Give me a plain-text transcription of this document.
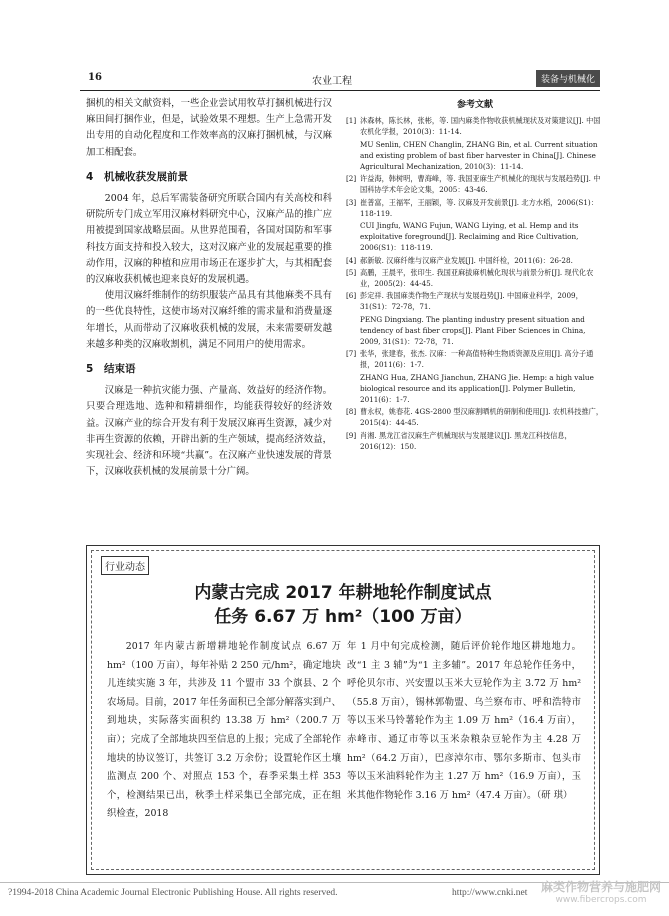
16	农业工程	装备与机械化

捆机的相关文献资料，一些企业尝试用牧草打捆机械进行汉麻田间打捆作业，但是，试验效果不理想。生产上急需开发出专用的自动化程度和工作效率高的汉麻打捆机械，与汉麻加工相配套。

4 机械收获发展前景

2004 年，总后军需装备研究所联合国内有关高校和科研院所专门成立军用汉麻材料研究中心，汉麻产品的推广应用被提到国家战略层面。从世界范围看，各国对国防和军事科技方面支持和投入较大，这对汉麻产业的发展起重要的推动作用，汉麻的种植和应用市场正在逐步扩大，与其相配套的汉麻收获机械也迎来良好的发展机遇。

使用汉麻纤维制作的纺织服装产品具有其他麻类不具有的一些优良特性，这使市场对汉麻纤维的需求量和消费量逐年增长，从而带动了汉麻收获机械的发展，未来需要研发越来越多种类的汉麻收割机，满足不同用户的使用需求。

5 结束语

汉麻是一种抗灾能力强、产量高、效益好的经济作物。只要合理选地、选种和精耕细作，均能获得较好的经济效益。汉麻产业的综合开发有利于发展汉麻再生资源，减少对非再生资源的依赖，开辟出新的生产领域，提高经济效益，实现社会、经济和环境“共赢”。在汉麻产业快速发展的背景下，汉麻收获机械的发展前景十分广阔。

参考文献
[1] 沐森林，陈长林，张彬，等. 国内麻类作物收获机械现状及对策建议[J]. 中国农机化学报，2010(3)：11-14.
MU Senlin, CHEN Changlin, ZHANG Bin, et al. Current situation and existing problem of bast fiber harvester in China[J]. Chinese Agricultural Mechanization, 2010(3)：11-14.
[2] 许益海，韩树明，曹海峰，等. 我国亚麻生产机械化的现状与发展趋势[J]. 中国科协学术年会论文集，2005：43-46.
[3] 崔普富，王福军，王丽颖，等. 汉麻及开发前景[J]. 北方水稻，2006(S1)：118-119.
CUI Jingfu, WANG Fujun, WANG Liying, et al. Hemp and its exploitative foreground[J]. Reclaiming and Rice Cultivation, 2006(S1)：118-119.
[4] 郝新敏. 汉麻纤维与汉麻产业发展[J]. 中国纤检，2011(6)：26-28.
[5] 高鹏，王晨平，张印生. 我国亚麻拔麻机械化现状与前景分析[J]. 现代化农业，2005(2)：44-45.
[6] 彭定祥. 我国麻类作物生产现状与发展趋势[J]. 中国麻业科学，2009，31(S1)：72-78，71.
PENG Dingxiang. The planting industry present situation and tendency of bast fiber crops[J]. Plant Fiber Sciences in China, 2009, 31(S1)：72-78，71.
[7] 张华，张建春，张杰. 汉麻：一种高值特种生物质资源及应用[J]. 高分子通报，2011(6)：1-7.
ZHANG Hua, ZHANG Jianchun, ZHANG Jie. Hemp: a high value biological resource and its application[J]. Polymer Bulletin, 2011(6)：1-7.
[8] 曹永权，姚春花. 4GS-2800 型汉麻割晒机的研制和使用[J]. 农机科技推广，2015(4)：44-45.
[9] 肖湘. 黑龙江省汉麻生产机械现状与发展建议[J]. 黑龙江科技信息，2016(12)：150.
行业动态
内蒙古完成 2017 年耕地轮作制度试点
任务 6.67 万 hm²（100 万亩）

2017 年内蒙古新增耕地轮作制度试点 6.67 万 hm²（100 万亩），每年补贴 2 250 元/hm²，确定地块儿连续实施 3 年，共涉及 11 个盟市 33 个旗县、2 个农场局。目前，2017 年任务面积已全部分解落实到户、到地块，实际落实面积约 13.38 万 hm²（200.7 万亩）；完成了全部地块四至信息的上报；完成了全部轮作地块的协议签订，共签订 3.2 万余份；设置轮作区土壤监测点 200 个、对照点 153 个，春季采集土样 353 个，检测结果已出，秋季土样采集已全部完成，正在组织检查，2018

年 1 月中旬完成检测，随后评价轮作地区耕地地力。改“1 主 3 辅”为“1 主多辅”。2017 年总轮作任务中，呼伦贝尔市、兴安盟以玉米大豆轮作为主 3.72 万 hm²（55.8 万亩），锡林郭勒盟、乌兰察布市、呼和浩特市等以玉米马铃薯轮作为主 1.09 万 hm²（16.4 万亩），赤峰市、通辽市等以玉米杂粮杂豆轮作为主 4.28 万 hm²（64.2 万亩），巴彦淖尔市、鄂尔多斯市、包头市等以玉米油料轮作为主 1.27 万 hm²（16.9 万亩），玉米其他作物轮作 3.16 万 hm²（47.4 万亩）。（研 琪）

?1994-2018 China Academic Journal Electronic Publishing House. All rights reserved.	http://www.cnki.net 麻类作物营养与施肥网
www.fibercrops.com
